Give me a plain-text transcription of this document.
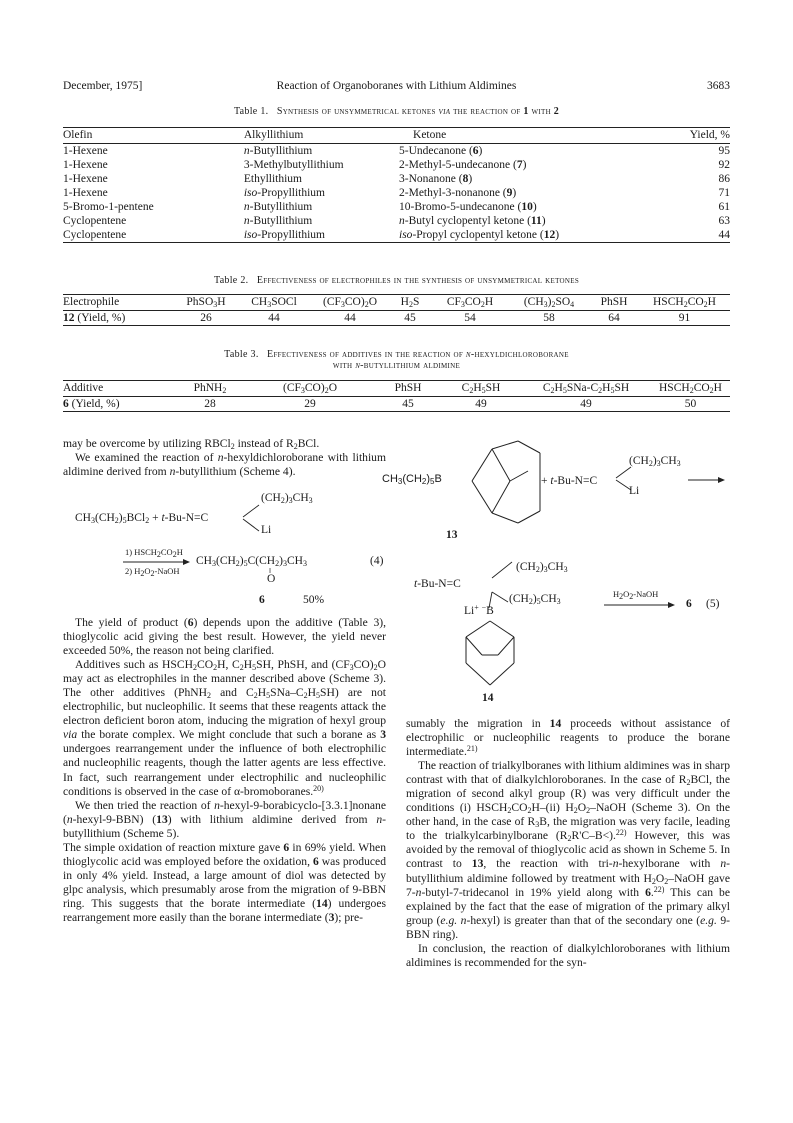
December, 1975]	Reaction of Organoboranes with Lithium Aldimines	3683
Table 1. Synthesis of unsymmetrical ketones via the reaction of 1 with 2
Olefin	Alkyllithium	Ketone	Yield, %
1-Hexene	n-Butyllithium	5-Undecanone (6)	95
1-Hexene	3-Methylbutyllithium	2-Methyl-5-undecanone (7)	92
1-Hexene	Ethyllithium	3-Nonanone (8)	86
1-Hexene	iso-Propyllithium	2-Methyl-3-nonanone (9)	71
5-Bromo-1-pentene	n-Butyllithium	10-Bromo-5-undecanone (10)	61
Cyclopentene	n-Butyllithium	n-Butyl cyclopentyl ketone (11)	63
Cyclopentene	iso-Propyllithium	iso-Propyl cyclopentyl ketone (12)	44
Table 2. Effectiveness of electrophiles in the synthesis of unsymmetrical ketones
Electrophile	PhSO$_3$H	$CH_3SOCl$	$(CF_3CO)_2O$	$H_2S$	$CF_3CO_2H$	$(CH_3)_2SO_4$	PhSH	$HSCH_2CO_2H$
12 (Yield, %)	26	44	44	45	54	58	64	91
Table 3. Effectiveness of additives in the reaction of n-hexyldichloroborane
with n-butyllithium aldimine
Additive	PhNH$_2$	$(CF_3CO)_2O$	PhSH	$C_2H_5SH$	$C_2H_5SNa-C_2H_5SH$	$HSCH_2CO_2H$
6 (Yield, %)	28	29	45	49	49	50

may be overcome by utilizing RBCl$_2$ instead of $R_2BCl$.

We examined the reaction of n-hexyldichloroborane with lithium aldimine derived from n-butyllithium (Scheme 4).

$CH_3(CH_2)_5BCl_2 + t-Bu-N=C$
$(CH_2)_3CH_3$
Li
1) $HSCH_2CO_2H$
2) $H_2O_2$-NaOH
$CH_3(CH_2)_5C(CH_2)_3CH_3$
‖
O
(4)
6	50%

The yield of product (6) depends upon the additive (Table 3), thioglycolic acid giving the best result. However, the yield never exceeded 50%, the reason not being clarified.

Additives such as $HSCH_2CO_2H$, $C_2H_5SH$, PhSH, and $(CF_3CO)_2O$ may act as electrophiles in the manner described above (Scheme 3). The other additives (PhNH$_2$ and $C_2H_5SNa-C_2H_5SH$) are not electrophilic, but nucleophilic. It seems that these reagents attack the electron deficient boron atom, inducing the migration of hexyl group via the borate complex. We might conclude that such a borane as 3 undergoes rearrangement under the influence of both electrophilic and nucleophilic reagents, though the latter agents are less effective. In fact, such rearrangement under electrophilic and nucleophilic conditions is observed in the case of α-bromoboranes.$^{20)}$

We then tried the reaction of n-hexyl-9-borabicyclo-[3.3.1]nonane (n-hexyl-9-BBN) (13) with lithium aldimine derived from n-butyllithium (Scheme 5).

The simple oxidation of reaction mixture gave 6 in 69% yield. When thioglycolic acid was employed before the oxidation, 6 was produced in only 4% yield. Instead, a large amount of diol was detected by glpc analysis, which presumably arose from the migration of 9-BBN ring. This suggests that the borate intermediate (14) undergoes rearrangement more easily than the borane intermediate (3); pre-

$CH_3(CH_2)_5B$	+ t-Bu-N=C
$(CH_2)_3CH_3$
Li
13
$(CH_2)_3CH_3$
t-Bu-N=C
$(CH_2)_5CH_3$
Li+ −B
$H_2O_2$-NaOH
6 (5)
14

sumably the migration in 14 proceeds without assistance of electrophilic or nucleophilic reagents to produce the borane intermediate.$^{21)}$

The reaction of trialkylboranes with lithium aldimines was in sharp contrast with that of dialkylchloroboranes. In the case of $R_2BCl$, the migration of second alkyl group (R) was very difficult under the conditions (i) $HSCH_2CO_2H-(ii)$ $H_2O_2$–NaOH (Scheme 3). On the other hand, in the case of $R_3B$, the migration was very facile, leading to the trialkylcarbinylborane $(R_2R'C-B<).^{22)}$ However, this was avoided by the removal of thioglycolic acid as shown in Scheme 5. In contrast to 13, the reaction with tri-n-hexylborane with n-butyllithium aldimine followed by treatment with $H_2O_2$–NaOH gave 7-n-butyl-7-tridecanol in 19% yield along with 6.$^{22)}$ This can be explained by the fact that the ease of migration of the primary alkyl group (e.g. n-hexyl) is greater than that of the secondary one (e.g. 9-BBN ring).

In conclusion, the reaction of dialkylchloroboranes with lithium aldimines is recommended for the syn-
